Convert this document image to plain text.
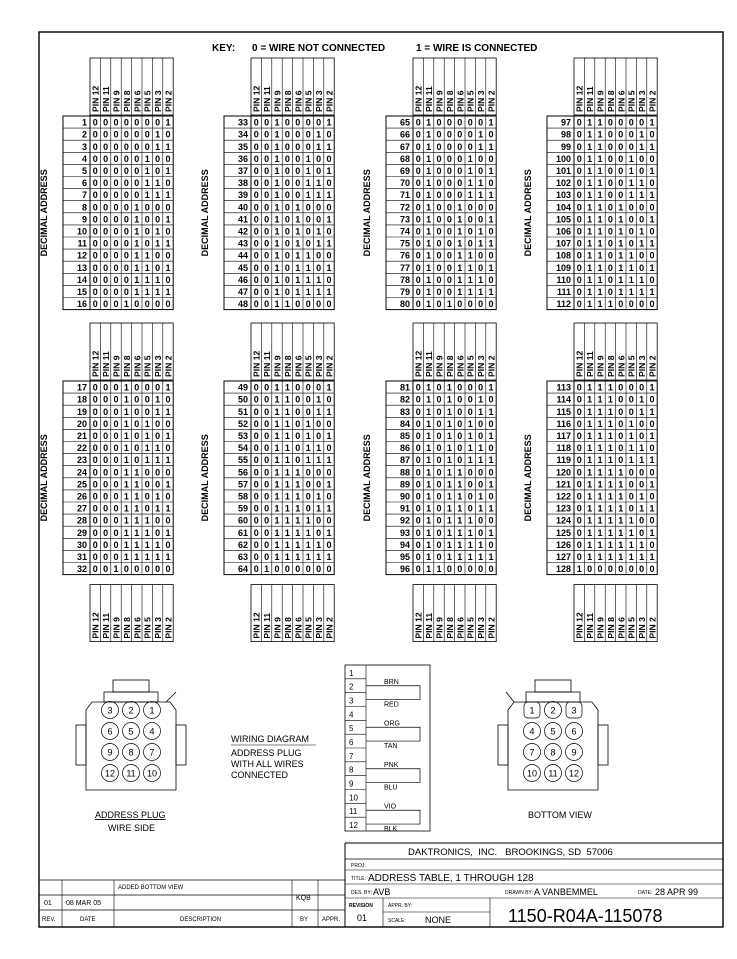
KEY: 0 = WIRE NOT CONNECTED	1 = WIRE IS CONNECTED
PIN 12 PIN 11 PIN 9 PIN 8 PIN 6 PIN 5 PIN 3 PIN 2
DECIMAL ADDRESS
1 0 0 0 0 0 0 0 1
2 0 0 0 0 0 0 1 0
3 0 0 0 0 0 0 1 1
4 0 0 0 0 0 1 0 0
5 0 0 0 0 0 1 0 1
6 0 0 0 0 0 1 1 0
7 0 0 0 0 0 1 1 1
8 0 0 0 0 1 0 0 0
9 0 0 0 0 1 0 0 1
10 0 0 0 0 1 0 1 0
11 0 0 0 0 1 0 1 1
12 0 0 0 0 1 1 0 0
13 0 0 0 0 1 1 0 1
14 0 0 0 0 1 1 1 0
15 0 0 0 0 1 1 1 1
16 0 0 0 1 0 0 0 0
PIN 12 PIN 11 PIN 9 PIN 8 PIN 6 PIN 5 PIN 3 PIN 2
DECIMAL ADDRESS
33 0 0 1 0 0 0 0 1
34 0 0 1 0 0 0 1 0
35 0 0 1 0 0 0 1 1
36 0 0 1 0 0 1 0 0
37 0 0 1 0 0 1 0 1
38 0 0 1 0 0 1 1 0
39 0 0 1 0 0 1 1 1
40 0 0 1 0 1 0 0 0
41 0 0 1 0 1 0 0 1
42 0 0 1 0 1 0 1 0
43 0 0 1 0 1 0 1 1
44 0 0 1 0 1 1 0 0
45 0 0 1 0 1 1 0 1
46 0 0 1 0 1 1 1 0
47 0 0 1 0 1 1 1 1
48 0 0 1 1 0 0 0 0
PIN 12 PIN 11 PIN 9 PIN 8 PIN 6 PIN 5 PIN 3 PIN 2
DECIMAL ADDRESS
65 0 1 0 0 0 0 0 1
66 0 1 0 0 0 0 1 0
67 0 1 0 0 0 0 1 1
68 0 1 0 0 0 1 0 0
69 0 1 0 0 0 1 0 1
70 0 1 0 0 0 1 1 0
71 0 1 0 0 0 1 1 1
72 0 1 0 0 1 0 0 0
73 0 1 0 0 1 0 0 1
74 0 1 0 0 1 0 1 0
75 0 1 0 0 1 0 1 1
76 0 1 0 0 1 1 0 0
77 0 1 0 0 1 1 0 1
78 0 1 0 0 1 1 1 0
79 0 1 0 0 1 1 1 1
80 0 1 0 1 0 0 0 0
PIN 12 PIN 11 PIN 9 PIN 8 PIN 6 PIN 5 PIN 3 PIN 2
DECIMAL ADDRESS
97 0 1 1 0 0 0 0 1
98 0 1 1 0 0 0 1 0
99 0 1 1 0 0 0 1 1
100 0 1 1 0 0 1 0 0
101 0 1 1 0 0 1 0 1
102 0 1 1 0 0 1 1 0
103 0 1 1 0 0 1 1 1
104 0 1 1 0 1 0 0 0
105 0 1 1 0 1 0 0 1
106 0 1 1 0 1 0 1 0
107 0 1 1 0 1 0 1 1
108 0 1 1 0 1 1 0 0
109 0 1 1 0 1 1 0 1
110 0 1 1 0 1 1 1 0
111 0 1 1 0 1 1 1 1
112 0 1 1 1 0 0 0 0
PIN 12 PIN 11 PIN 9 PIN 8 PIN 6 PIN 5 PIN 3 PIN 2
DECIMAL ADDRESS
17 0 0 0 1 0 0 0 1
18 0 0 0 1 0 0 1 0
19 0 0 0 1 0 0 1 1
20 0 0 0 1 0 1 0 0
21 0 0 0 1 0 1 0 1
22 0 0 0 1 0 1 1 0
23 0 0 0 1 0 1 1 1
24 0 0 0 1 1 0 0 0
25 0 0 0 1 1 0 0 1
26 0 0 0 1 1 0 1 0
27 0 0 0 1 1 0 1 1
28 0 0 0 1 1 1 0 0
29 0 0 0 1 1 1 0 1
30 0 0 0 1 1 1 1 0
31 0 0 0 1 1 1 1 1
32 0 0 1 0 0 0 0 0
PIN 12 PIN 11 PIN 9 PIN 8 PIN 6 PIN 5 PIN 3 PIN 2
PIN 12 PIN 11 PIN 9 PIN 8 PIN 6 PIN 5 PIN 3 PIN 2
DECIMAL ADDRESS
49 0 0 1 1 0 0 0 1
50 0 0 1 1 0 0 1 0
51 0 0 1 1 0 0 1 1
52 0 0 1 1 0 1 0 0
53 0 0 1 1 0 1 0 1
54 0 0 1 1 0 1 1 0
55 0 0 1 1 0 1 1 1
56 0 0 1 1 1 0 0 0
57 0 0 1 1 1 0 0 1
58 0 0 1 1 1 0 1 0
59 0 0 1 1 1 0 1 1
60 0 0 1 1 1 1 0 0
61 0 0 1 1 1 1 0 1
62 0 0 1 1 1 1 1 0
63 0 0 1 1 1 1 1 1
64 0 1 0 0 0 0 0 0
PIN 12 PIN 11 PIN 9 PIN 8 PIN 6 PIN 5 PIN 3 PIN 2
PIN 12 PIN 11 PIN 9 PIN 8 PIN 6 PIN 5 PIN 3 PIN 2
DECIMAL ADDRESS
81 0 1 0 1 0 0 0 1
82 0 1 0 1 0 0 1 0
83 0 1 0 1 0 0 1 1
84 0 1 0 1 0 1 0 0
85 0 1 0 1 0 1 0 1
86 0 1 0 1 0 1 1 0
87 0 1 0 1 0 1 1 1
88 0 1 0 1 1 0 0 0
89 0 1 0 1 1 0 0 1
90 0 1 0 1 1 0 1 0
91 0 1 0 1 1 0 1 1
92 0 1 0 1 1 1 0 0
93 0 1 0 1 1 1 0 1
94 0 1 0 1 1 1 1 0
95 0 1 0 1 1 1 1 1
96 0 1 1 0 0 0 0 0
PIN 12 PIN 11 PIN 9 PIN 8 PIN 6 PIN 5 PIN 3 PIN 2
PIN 12 PIN 11 PIN 9 PIN 8 PIN 6 PIN 5 PIN 3 PIN 2
DECIMAL ADDRESS
113 0 1 1 1 0 0 0 1
114 0 1 1 1 0 0 1 0
115 0 1 1 1 0 0 1 1
116 0 1 1 1 0 1 0 0
117 0 1 1 1 0 1 0 1
118 0 1 1 1 0 1 1 0
119 0 1 1 1 0 1 1 1
120 0 1 1 1 1 0 0 0
121 0 1 1 1 1 0 0 1
122 0 1 1 1 1 0 1 0
123 0 1 1 1 1 0 1 1
124 0 1 1 1 1 1 0 0
125 0 1 1 1 1 1 0 1
126 0 1 1 1 1 1 1 0
127 0 1 1 1 1 1 1 1
128 1 0 0 0 0 0 0 0
PIN 12 PIN 11 PIN 9 PIN 8 PIN 6 PIN 5 PIN 3 PIN 2
3 2 1
6 5 4
9 8 7
12 11 10
ADDRESS PLUG
WIRE SIDE
WIRING DIAGRAM
ADDRESS PLUG
WITH ALL WIRES
CONNECTED
1
2
3
4
5
6
7
8
9
10
11
12
BRN
RED
ORG
TAN
PNK
BLU
VIO
BLK
1 2 3
4 5 6
7 8 9
10 11 12
BOTTOM VIEW
01 08 MAR 05
ADDED BOTTOM VIEW
KQB
REV.	DATE	DESCRIPTION	BY APPR.
DAKTRONICS,  INC.   BROOKINGS, SD  57006
PROJ:
TITLE: ADDRESS TABLE, 1 THROUGH 128
DES. BY: AVB	DRAWN BY: A VANBEMMEL	DATE: 28 APR 99
REVISION
01
APPR. BY:
SCALE: NONE	1150-R04A-115078
